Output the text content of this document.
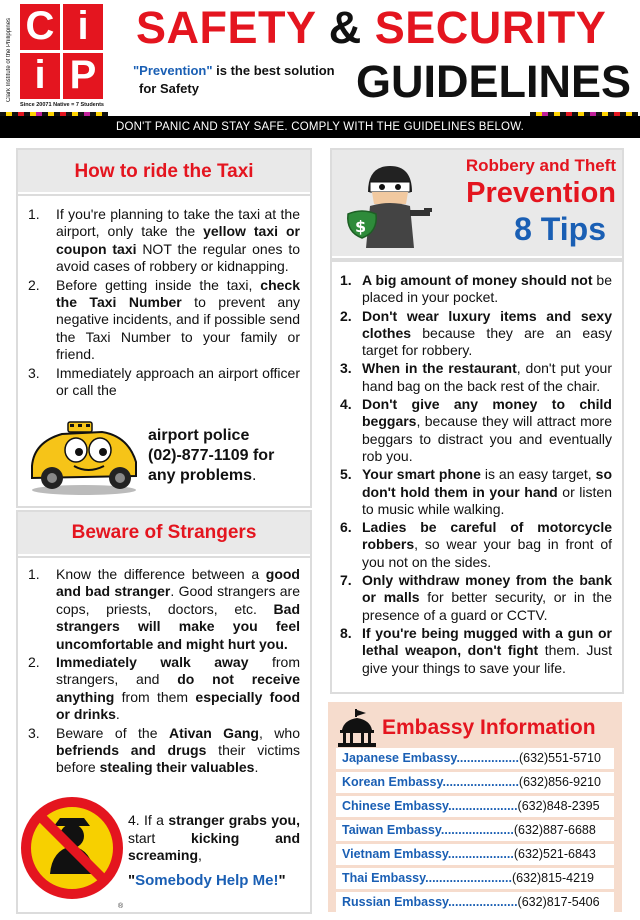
Clark Institute of the Philippines C i
i P
Since 2007 1 Native = 7 Students
SAFETY & SECURITY
GUIDELINES
"Prevention" is the best solution
for Safety
DON'T PANIC AND STAY SAFE. COMPLY WITH THE GUIDELINES BELOW.
How to ride the Taxi
1. If you're planning to take the taxi at the airport, only take the yellow taxi or coupon taxi NOT the regular ones to avoid cases of robbery or kidnapping.
2. Before getting inside the taxi, check the Taxi Number to prevent any negative incidents, and if possible send the Taxi Number to your family or friend.
3. Immediately approach an airport officer or call the
airport police
(02)-877-1109 for
any problems.
Beware of Strangers
1. Know the difference between a good and bad stranger. Good strangers are cops, priests, doctors, etc. Bad strangers will make you feel uncomfortable and might hurt you.
2. Immediately walk away from strangers, and do not receive anything from them especially food or drinks.
3. Beware of the Ativan Gang, who befriends and drugs their victims before stealing their valuables.
®
4. If a stranger grabs you, start kicking and screaming,
"Somebody Help Me!"
$
Robbery and Theft
Prevention
8 Tips
1. A big amount of money should not be placed in your pocket.
2. Don't wear luxury items and sexy clothes because they are an easy target for robbery.
3. When in the restaurant, don't put your hand bag on the back rest of the chair.
4. Don't give any money to child beggars, because they will attract more beggars to distract you and eventually rob you.
5. Your smart phone is an easy target, so don't hold them in your hand or listen to music while walking.
6. Ladies be careful of motorcycle robbers, so wear your bag in front of you not on the sides.
7. Only withdraw money from the bank or malls for better security, or in the presence of a guard or CCTV.
8. If you're being mugged with a gun or lethal weapon, don't fight them. Just give your things to save your life.
Embassy Information
Japanese Embassy..................(632)551-5710
Korean Embassy......................(632)856-9210
Chinese Embassy....................(632)848-2395
Taiwan Embassy.....................(632)887-6688
Vietnam Embassy...................(632)521-6843
Thai Embassy.........................(632)815-4219
Russian Embassy....................(632)817-5406
